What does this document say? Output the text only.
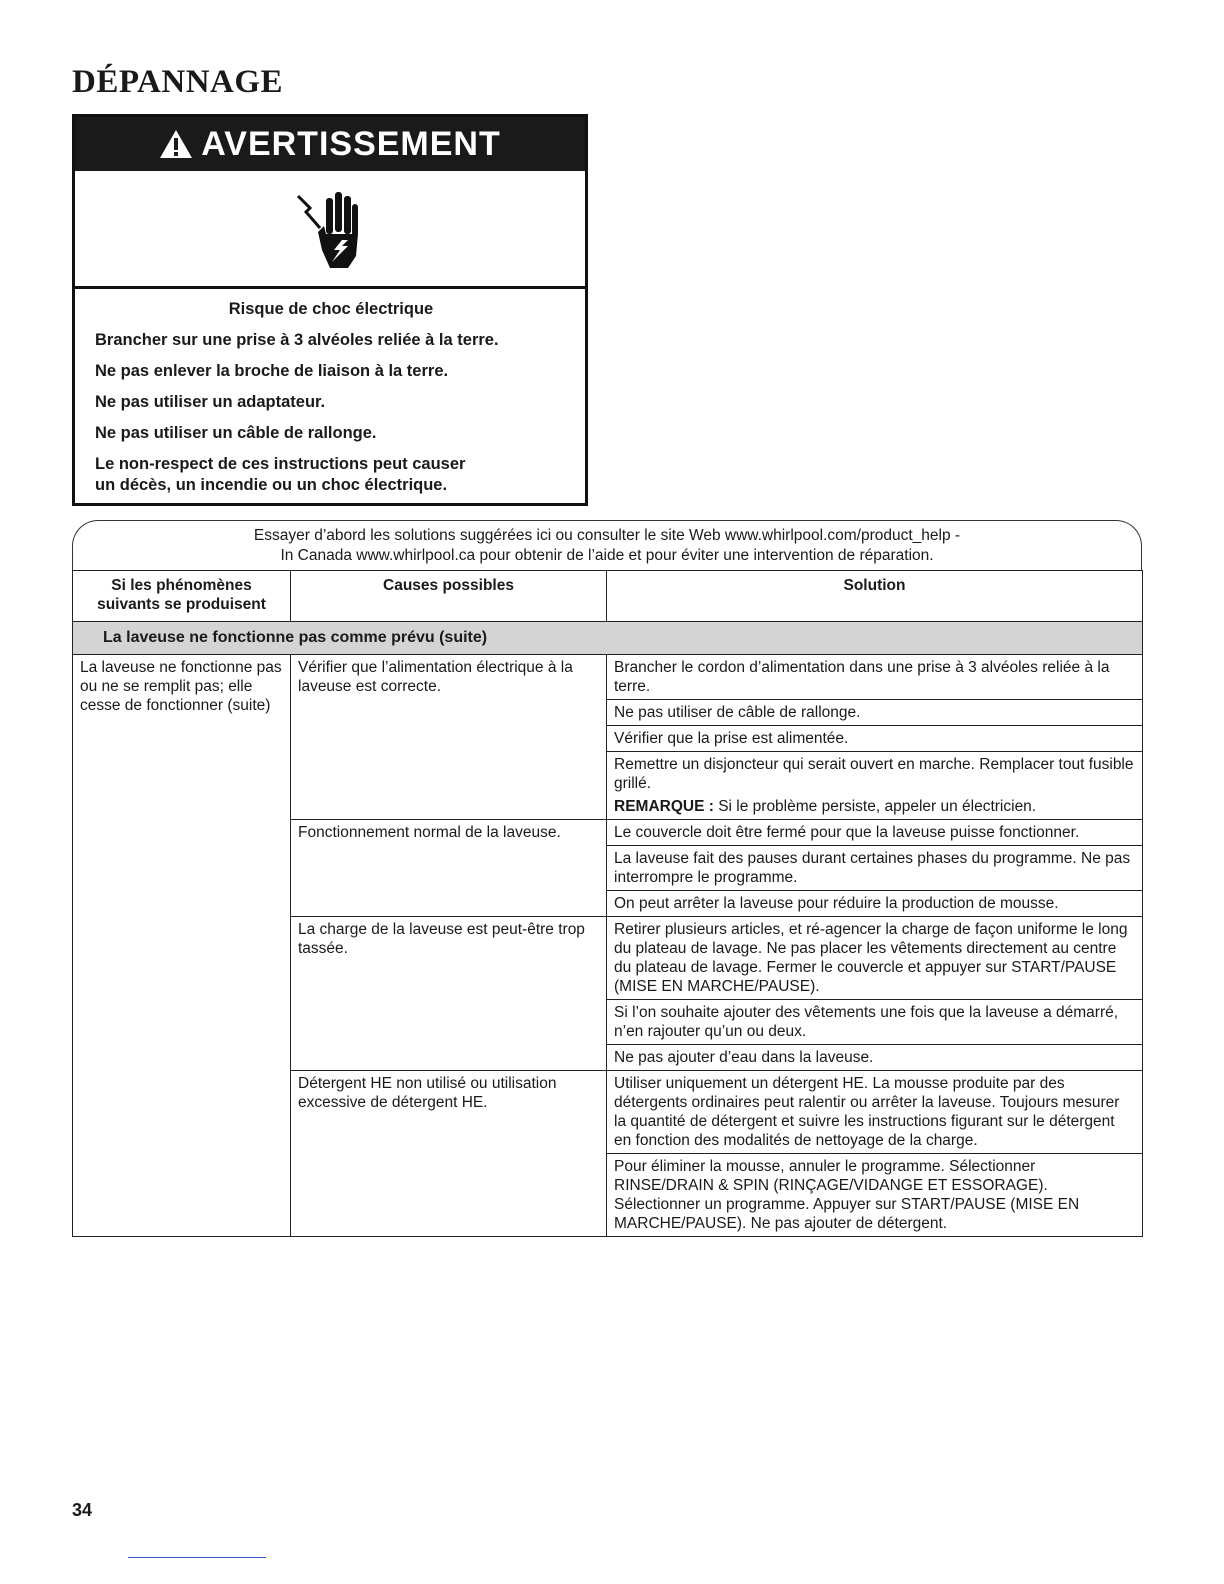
DÉPANNAGE
AVERTISSEMENT

Risque de choc électrique

Brancher sur une prise à 3 alvéoles reliée à la terre.

Ne pas enlever la broche de liaison à la terre.

Ne pas utiliser un adaptateur.

Ne pas utiliser un câble de rallonge.

Le non-respect de ces instructions peut causer

un décès, un incendie ou un choc électrique.

Essayer d’abord les solutions suggérées ici ou consulter le site Web www.whirlpool.com/product_help -

In Canada www.whirlpool.ca pour obtenir de l’aide et pour éviter une intervention de réparation.

Si les phénomènes suivants se produisent	Causes possibles	Solution
La laveuse ne fonctionne pas comme prévu (suite)		
La laveuse ne fonctionne pas ou ne se remplit pas; elle cesse de fonctionner (suite)	Vérifier que l’alimentation électrique à la laveuse est correcte.	Brancher le cordon d’alimentation dans une prise à 3 alvéoles reliée à la terre.
		Ne pas utiliser de câble de rallonge.
		Vérifier que la prise est alimentée.

		Remettre un disjoncteur qui serait ouvert en marche. Remplacer tout fusible grillé.
REMARQUE : Si le problème persiste, appeler un électricien.

	Fonctionnement normal de la laveuse.	Le couvercle doit être fermé pour que la laveuse puisse fonctionner.
		La laveuse fait des pauses durant certaines phases du programme. Ne pas interrompre le programme.
		On peut arrêter la laveuse pour réduire la production de mousse.
	La charge de la laveuse est peut-être trop tassée.	Retirer plusieurs articles, et ré-agencer la charge de façon uniforme le long du plateau de lavage. Ne pas placer les vêtements directement au centre du plateau de lavage. Fermer le couvercle et appuyer sur START/PAUSE (MISE EN MARCHE/PAUSE).
		Si l’on souhaite ajouter des vêtements une fois que la laveuse a démarré, n’en rajouter qu’un ou deux.
		Ne pas ajouter d’eau dans la laveuse.
	Détergent HE non utilisé ou utilisation excessive de détergent HE.	Utiliser uniquement un détergent HE. La mousse produite par des détergents ordinaires peut ralentir ou arrêter la laveuse. Toujours mesurer la quantité de détergent et suivre les instructions figurant sur le détergent en fonction des modalités de nettoyage de la charge.
		Pour éliminer la mousse, annuler le programme. Sélectionner RINSE/DRAIN & SPIN (RINÇAGE/VIDANGE ET ESSORAGE). Sélectionner un programme. Appuyer sur START/PAUSE (MISE EN MARCHE/PAUSE). Ne pas ajouter de détergent.
34
